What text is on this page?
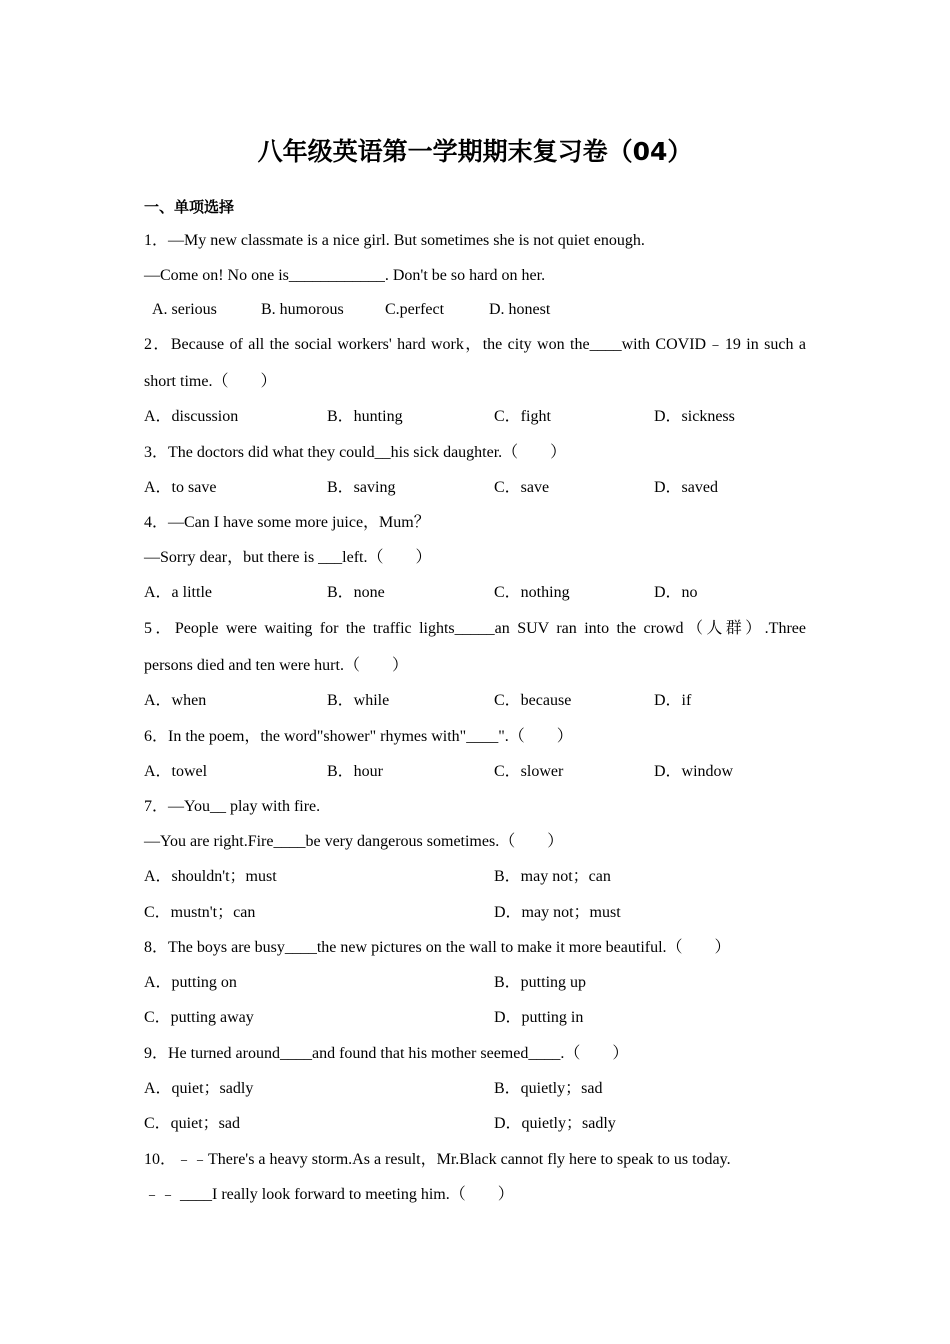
八年级英语第一学期期末复习卷（04）
一、单项选择
1．—My new classmate is a nice girl. But sometimes she is not quiet enough.
—Come on! No one is____________. Don't be so hard on her.
A. serious	B. humorous	C.perfect	D. honest
2．Because of all the social workers' hard work，the city won the____with COVID﹣19 in such a
short time.（　　）
A．discussion	B．hunting	C．fight	D．sickness
3．The doctors did what they could__his sick daughter.（　　）
A．to save	B．saving	C．save	D．saved
4．—Can I have some more juice，Mum？
—Sorry dear，but there is ___left.（　　）
A．a little	B．none	C．nothing	D．no
5．People were waiting for the traffic lights_____an SUV ran into the crowd（人群）.Three
persons died and ten were hurt.（　　）
A．when	B．while	C．because	D．if
6．In the poem，the word"shower" rhymes with"____".（　　）
A．towel	B．hour	C．slower	D．window
7．—You__ play with fire.
—You are right.Fire____be very dangerous sometimes.（　　）
A．shouldn't；must	B．may not；can
C．mustn't；can	D．may not；must
8．The boys are busy____the new pictures on the wall to make it more beautiful.（　　）
A．putting on	B．putting up
C．putting away	D．putting in
9．He turned around____and found that his mother seemed____.（　　）
A．quiet；sadly	B．quietly；sad
C．quiet；sad	D．quietly；sadly
10．﹣﹣There's a heavy storm.As a result，Mr.Black cannot fly here to speak to us today.
﹣﹣ ____I really look forward to meeting him.（　　）
